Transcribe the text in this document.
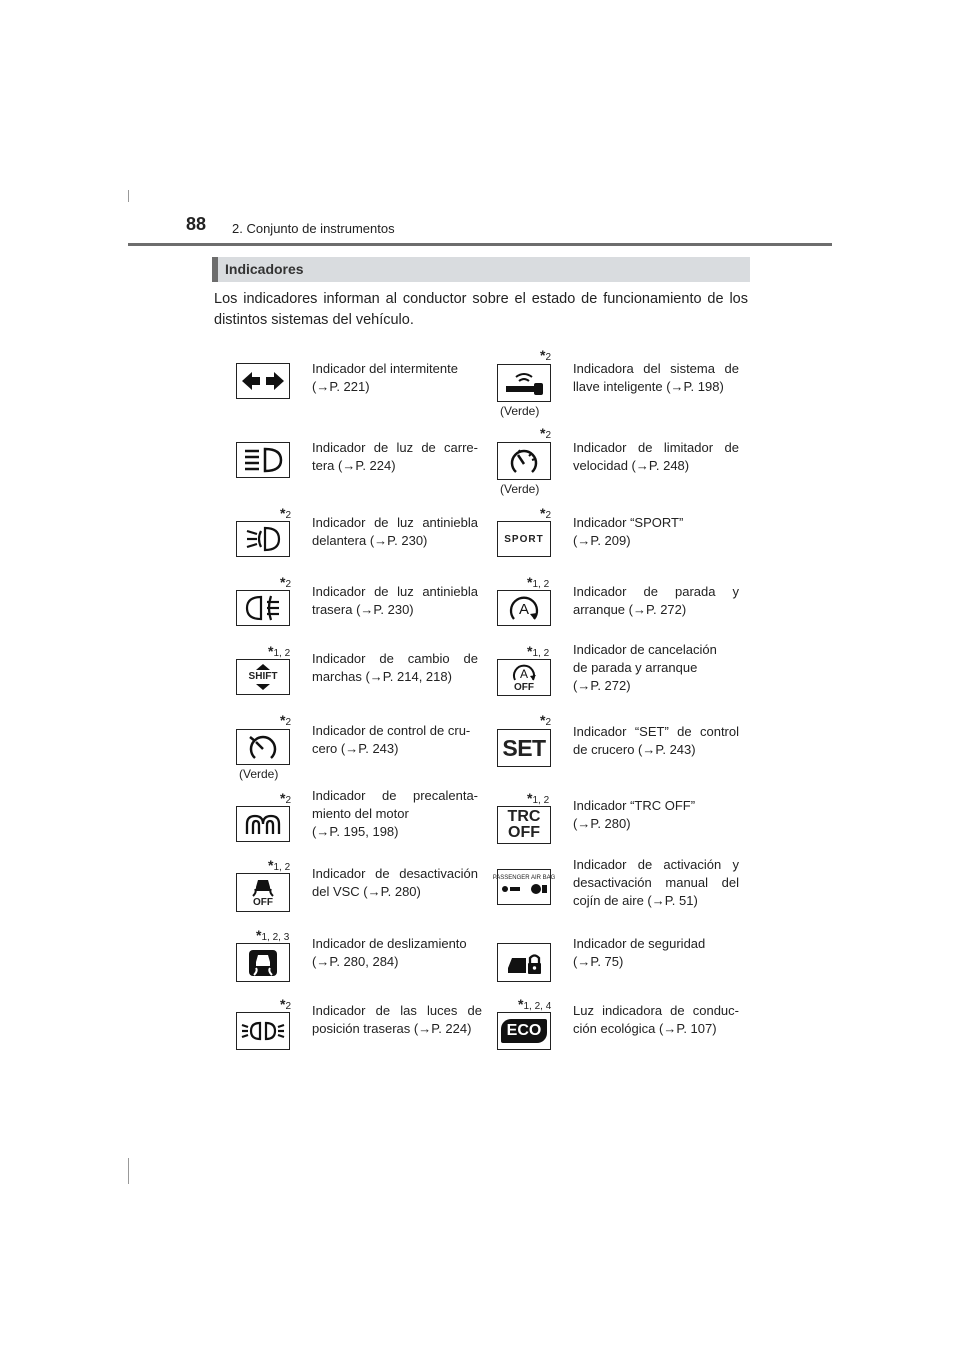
88 2. Conjunto de instrumentos
Indicadores
Los indicadores informan al conductor sobre el estado de funcionamiento de los distintos sistemas del vehículo.
Indicador del intermitente
(→P. 221)
Indicador de luz de carre-
tera (→P. 224)
*2 Indicador de luz antiniebla
delantera (→P. 230)
*2 Indicador de luz antiniebla
trasera (→P. 230)
*1, 2
SHIFT
Indicador de cambio de
marchas (→P. 214, 218)
*2
(Verde)
Indicador de control de cru-
cero (→P. 243)
*2 Indicador de precalenta-
miento del motor
(→P. 195, 198)
*1, 2
OFF
Indicador de desactivación
del VSC (→P. 280)
*1, 2, 3 Indicador de deslizamiento
(→P. 280, 284)
*2 Indicador de las luces de
posición traseras (→P. 224)
*2
(Verde)
Indicadora del sistema de
llave inteligente (→P. 198)
*2
(Verde)
Indicador de limitador de
velocidad (→P. 248)
*2
SPORT
Indicador “SPORT”
(→P. 209)
*1, 2
A
Indicador de parada y
arranque (→P. 272)
*1, 2
A
OFF
Indicador de cancelación
de parada y arranque
(→P. 272)
*2
SET
Indicador “SET” de control
de crucero (→P. 243)
*1, 2
TRC OFF
Indicador “TRC OFF”
(→P. 280)
PASSENGER AIR BAG
Indicador de activación y
desactivación manual del
cojín de aire (→P. 51)
Indicador de seguridad
(→P. 75)
*1, 2, 4
ECO
Luz indicadora de conduc-
ción ecológica (→P. 107)
